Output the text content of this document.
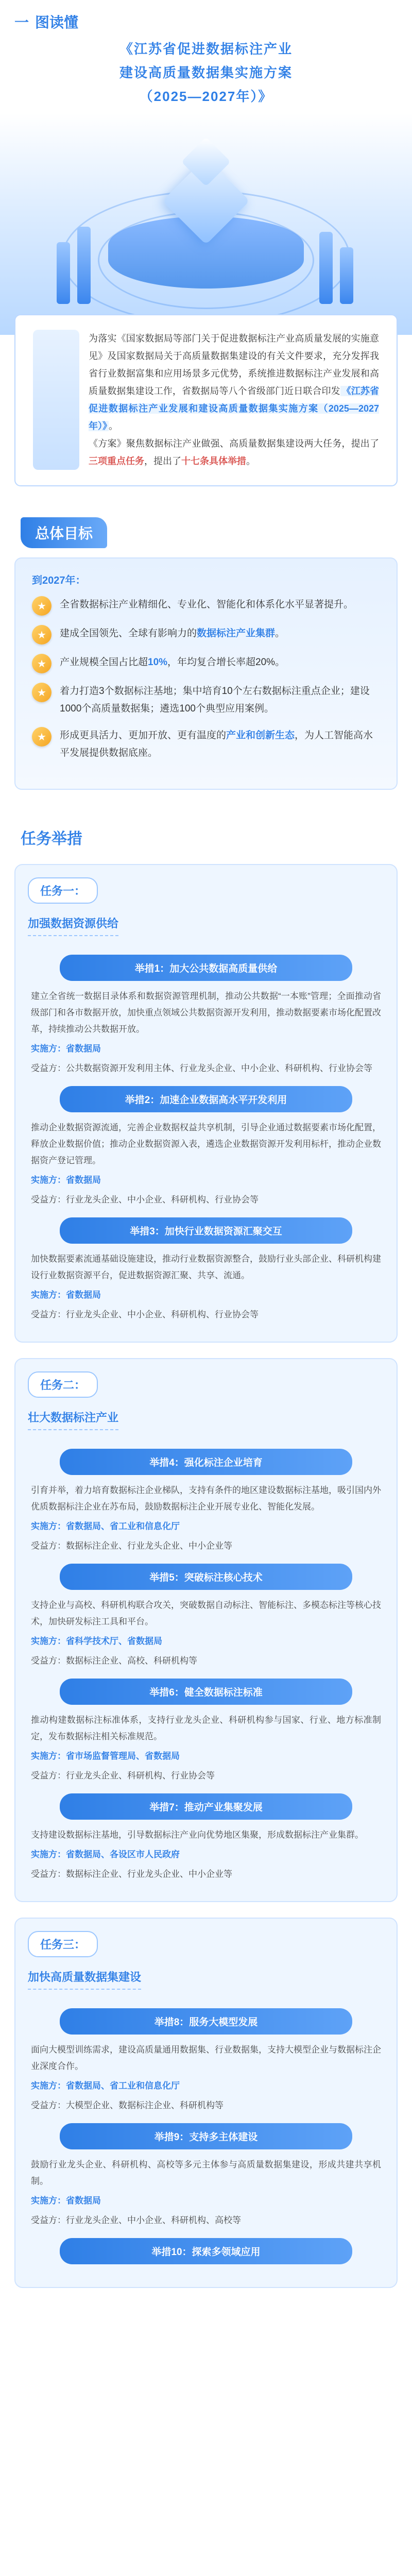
一 图读懂
《江苏省促进数据标注产业
建设高质量数据集实施方案
（2025—2027年）》

为落实《国家数据局等部门关于促进数据标注产业高质量发展的实施意见》及国家数据局关于高质量数据集建设的有关文件要求，充分发挥我省行业数据富集和应用场景多元优势，系统推进数据标注产业发展和高质量数据集建设工作，省数据局等八个省级部门近日联合印发 《江苏省促进数据标注产业发展和建设高质量数据集实施方案（2025—2027年）》 。

《方案》聚焦数据标注产业做强、高质量数据集建设两大任务，提出了三项重点任务，提出了十七条具体举措。

总体目标
到2027年：
★	全省数据标注产业精细化、专业化、智能化和体系化水平显著提升。
★	建成全国领先、全球有影响力的数据标注产业集群。
★	产业规模全国占比超10%，年均复合增长率超20%。
★	着力打造3个数据标注基地；集中培育10个左右数据标注重点企业；建设1000个高质量数据集；遴选100个典型应用案例。
★	形成更具活力、更加开放、更有温度的产业和创新生态，为人工智能高水平发展提供数据底座。
任务举措
任务一：
加强数据资源供给
举措1：加大公共数据高质量供给

建立全省统一数据目录体系和数据资源管理机制，推动公共数据“一本账”管理；全面推动省级部门和各市数据开放，加快重点领域公共数据资源开发利用，推动数据要素市场化配置改革，持续推动公共数据开放。

实施方：省数据局

受益方：公共数据资源开发利用主体、行业龙头企业、中小企业、科研机构、行业协会等

举措2：加速企业数据高水平开发利用

推动企业数据资源流通，完善企业数据权益共享机制，引导企业通过数据要素市场化配置，释放企业数据价值；推动企业数据资源入表，遴选企业数据资源开发利用标杆，推动企业数据资产登记管理。

实施方：省数据局

受益方：行业龙头企业、中小企业、科研机构、行业协会等

举措3：加快行业数据资源汇聚交互

加快数据要素流通基础设施建设，推动行业数据资源整合，鼓励行业头部企业、科研机构建设行业数据资源平台，促进数据资源汇聚、共享、流通。

实施方：省数据局

受益方：行业龙头企业、中小企业、科研机构、行业协会等

任务二：
壮大数据标注产业
举措4：强化标注企业培育

引育并举，着力培育数据标注企业梯队，支持有条件的地区建设数据标注基地，吸引国内外优质数据标注企业在苏布局，鼓励数据标注企业开展专业化、智能化发展。

实施方：省数据局、省工业和信息化厅

受益方：数据标注企业、行业龙头企业、中小企业等

举措5：突破标注核心技术

支持企业与高校、科研机构联合攻关，突破数据自动标注、智能标注、多模态标注等核心技术，加快研发标注工具和平台。

实施方：省科学技术厅、省数据局

受益方：数据标注企业、高校、科研机构等

举措6：健全数据标注标准

推动构建数据标注标准体系，支持行业龙头企业、科研机构参与国家、行业、地方标准制定，发布数据标注相关标准规范。

实施方：省市场监督管理局、省数据局

受益方：行业龙头企业、科研机构、行业协会等

举措7：推动产业集聚发展

支持建设数据标注基地，引导数据标注产业向优势地区集聚，形成数据标注产业集群。

实施方：省数据局、各设区市人民政府

受益方：数据标注企业、行业龙头企业、中小企业等

任务三：
加快高质量数据集建设
举措8：服务大模型发展

面向大模型训练需求，建设高质量通用数据集、行业数据集，支持大模型企业与数据标注企业深度合作。

实施方：省数据局、省工业和信息化厅

受益方：大模型企业、数据标注企业、科研机构等

举措9：支持多主体建设

鼓励行业龙头企业、科研机构、高校等多元主体参与高质量数据集建设，形成共建共享机制。

实施方：省数据局

受益方：行业龙头企业、中小企业、科研机构、高校等

举措10：探索多领域应用
